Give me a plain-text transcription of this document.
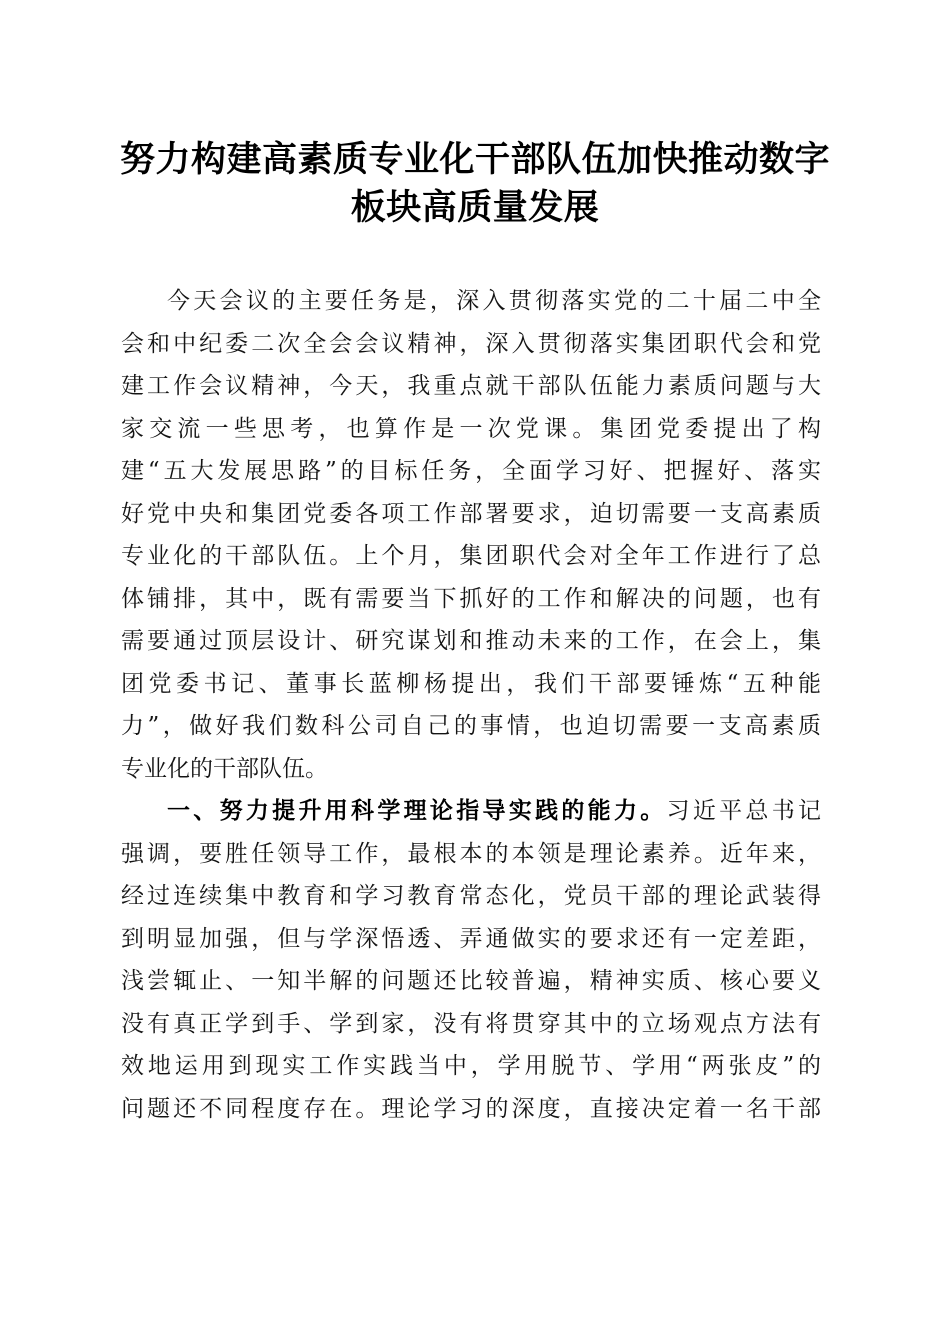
努力构建高素质专业化干部队伍加快推动数字
板块高质量发展
今天会议的主要任务是，深入贯彻落实党的二十届二中全
会和中纪委二次全会会议精神，深入贯彻落实集团职代会和党
建工作会议精神，今天，我重点就干部队伍能力素质问题与大
家交流一些思考，也算作是一次党课。集团党委提出了构
建“五大发展思路”的目标任务，全面学习好、把握好、落实
好党中央和集团党委各项工作部署要求，迫切需要一支高素质
专业化的干部队伍。上个月，集团职代会对全年工作进行了总
体铺排，其中，既有需要当下抓好的工作和解决的问题，也有
需要通过顶层设计、研究谋划和推动未来的工作，在会上，集
团党委书记、董事长蓝柳杨提出，我们干部要锤炼“五种能
力”，做好我们数科公司自己的事情，也迫切需要一支高素质
专业化的干部队伍。
一、努力提升用科学理论指导实践的能力。习近平总书记
强调，要胜任领导工作，最根本的本领是理论素养。近年来，
经过连续集中教育和学习教育常态化，党员干部的理论武装得
到明显加强，但与学深悟透、弄通做实的要求还有一定差距，
浅尝辄止、一知半解的问题还比较普遍，精神实质、核心要义
没有真正学到手、学到家，没有将贯穿其中的立场观点方法有
效地运用到现实工作实践当中，学用脱节、学用“两张皮”的
问题还不同程度存在。理论学习的深度，直接决定着一名干部
